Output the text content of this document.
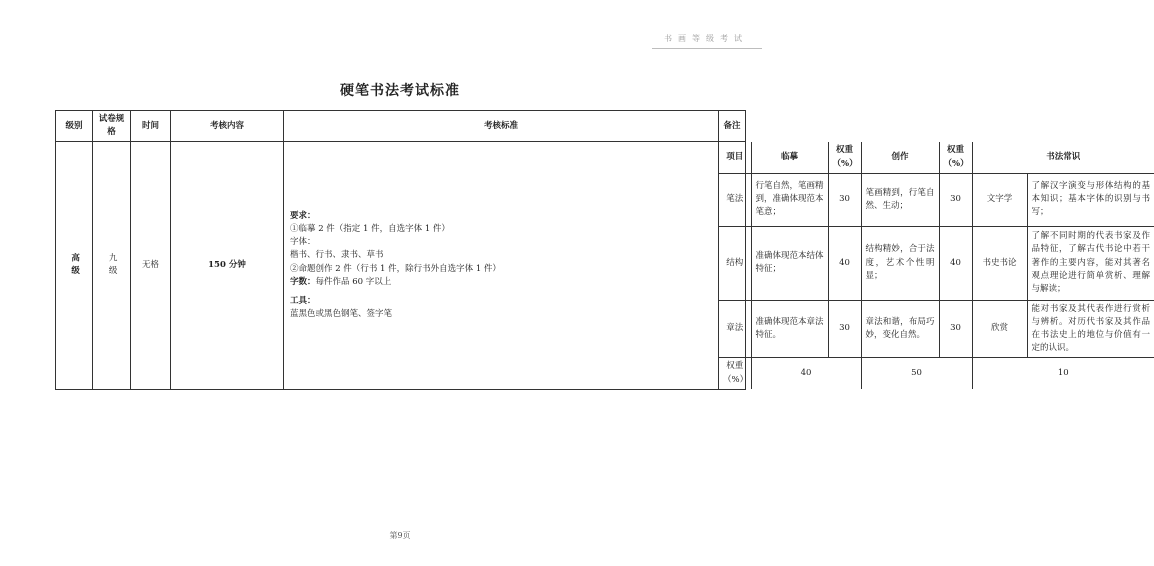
书画等级考试
硬笔书法考试标准
级别	试卷规格	时间	考核内容	考核标准	备注

高级	九级	无格	150 分钟	
要求：
①临摹 2 件（指定 1 件，自选字体 1 件）
字体：
楷书、行书、隶书、草书
②命题创作 2 件（行书 1 件，除行书外自选字体 1 件）
字数：每件作品 60 字以上
工具：
蓝黑色或黑色钢笔、签字笔

项目	临摹	权重（%）	创作	权重（%）	书法常识
笔法	行笔自然，笔画精到，准确体现范本笔意；	30	笔画精到，行笔自然、生动；	30	文字学	了解汉字演变与形体结构的基本知识；基本字体的识别与书写；
结构	准确体现范本结体特征；	40	结构精妙，合于法度，艺术个性明显；	40	书史书论	了解不同时期的代表书家及作品特征，了解古代书论中若干著作的主要内容，能对其著名观点理论进行简单赏析、理解与解读；
章法	准确体现范本章法特征。	30	章法和谐，布局巧妙，变化自然。	30	欣赏	能对书家及其代表作进行赏析与辨析。对历代书家及其作品在书法史上的地位与价值有一定的认识。
权重（%）	40	50	10

第9页
